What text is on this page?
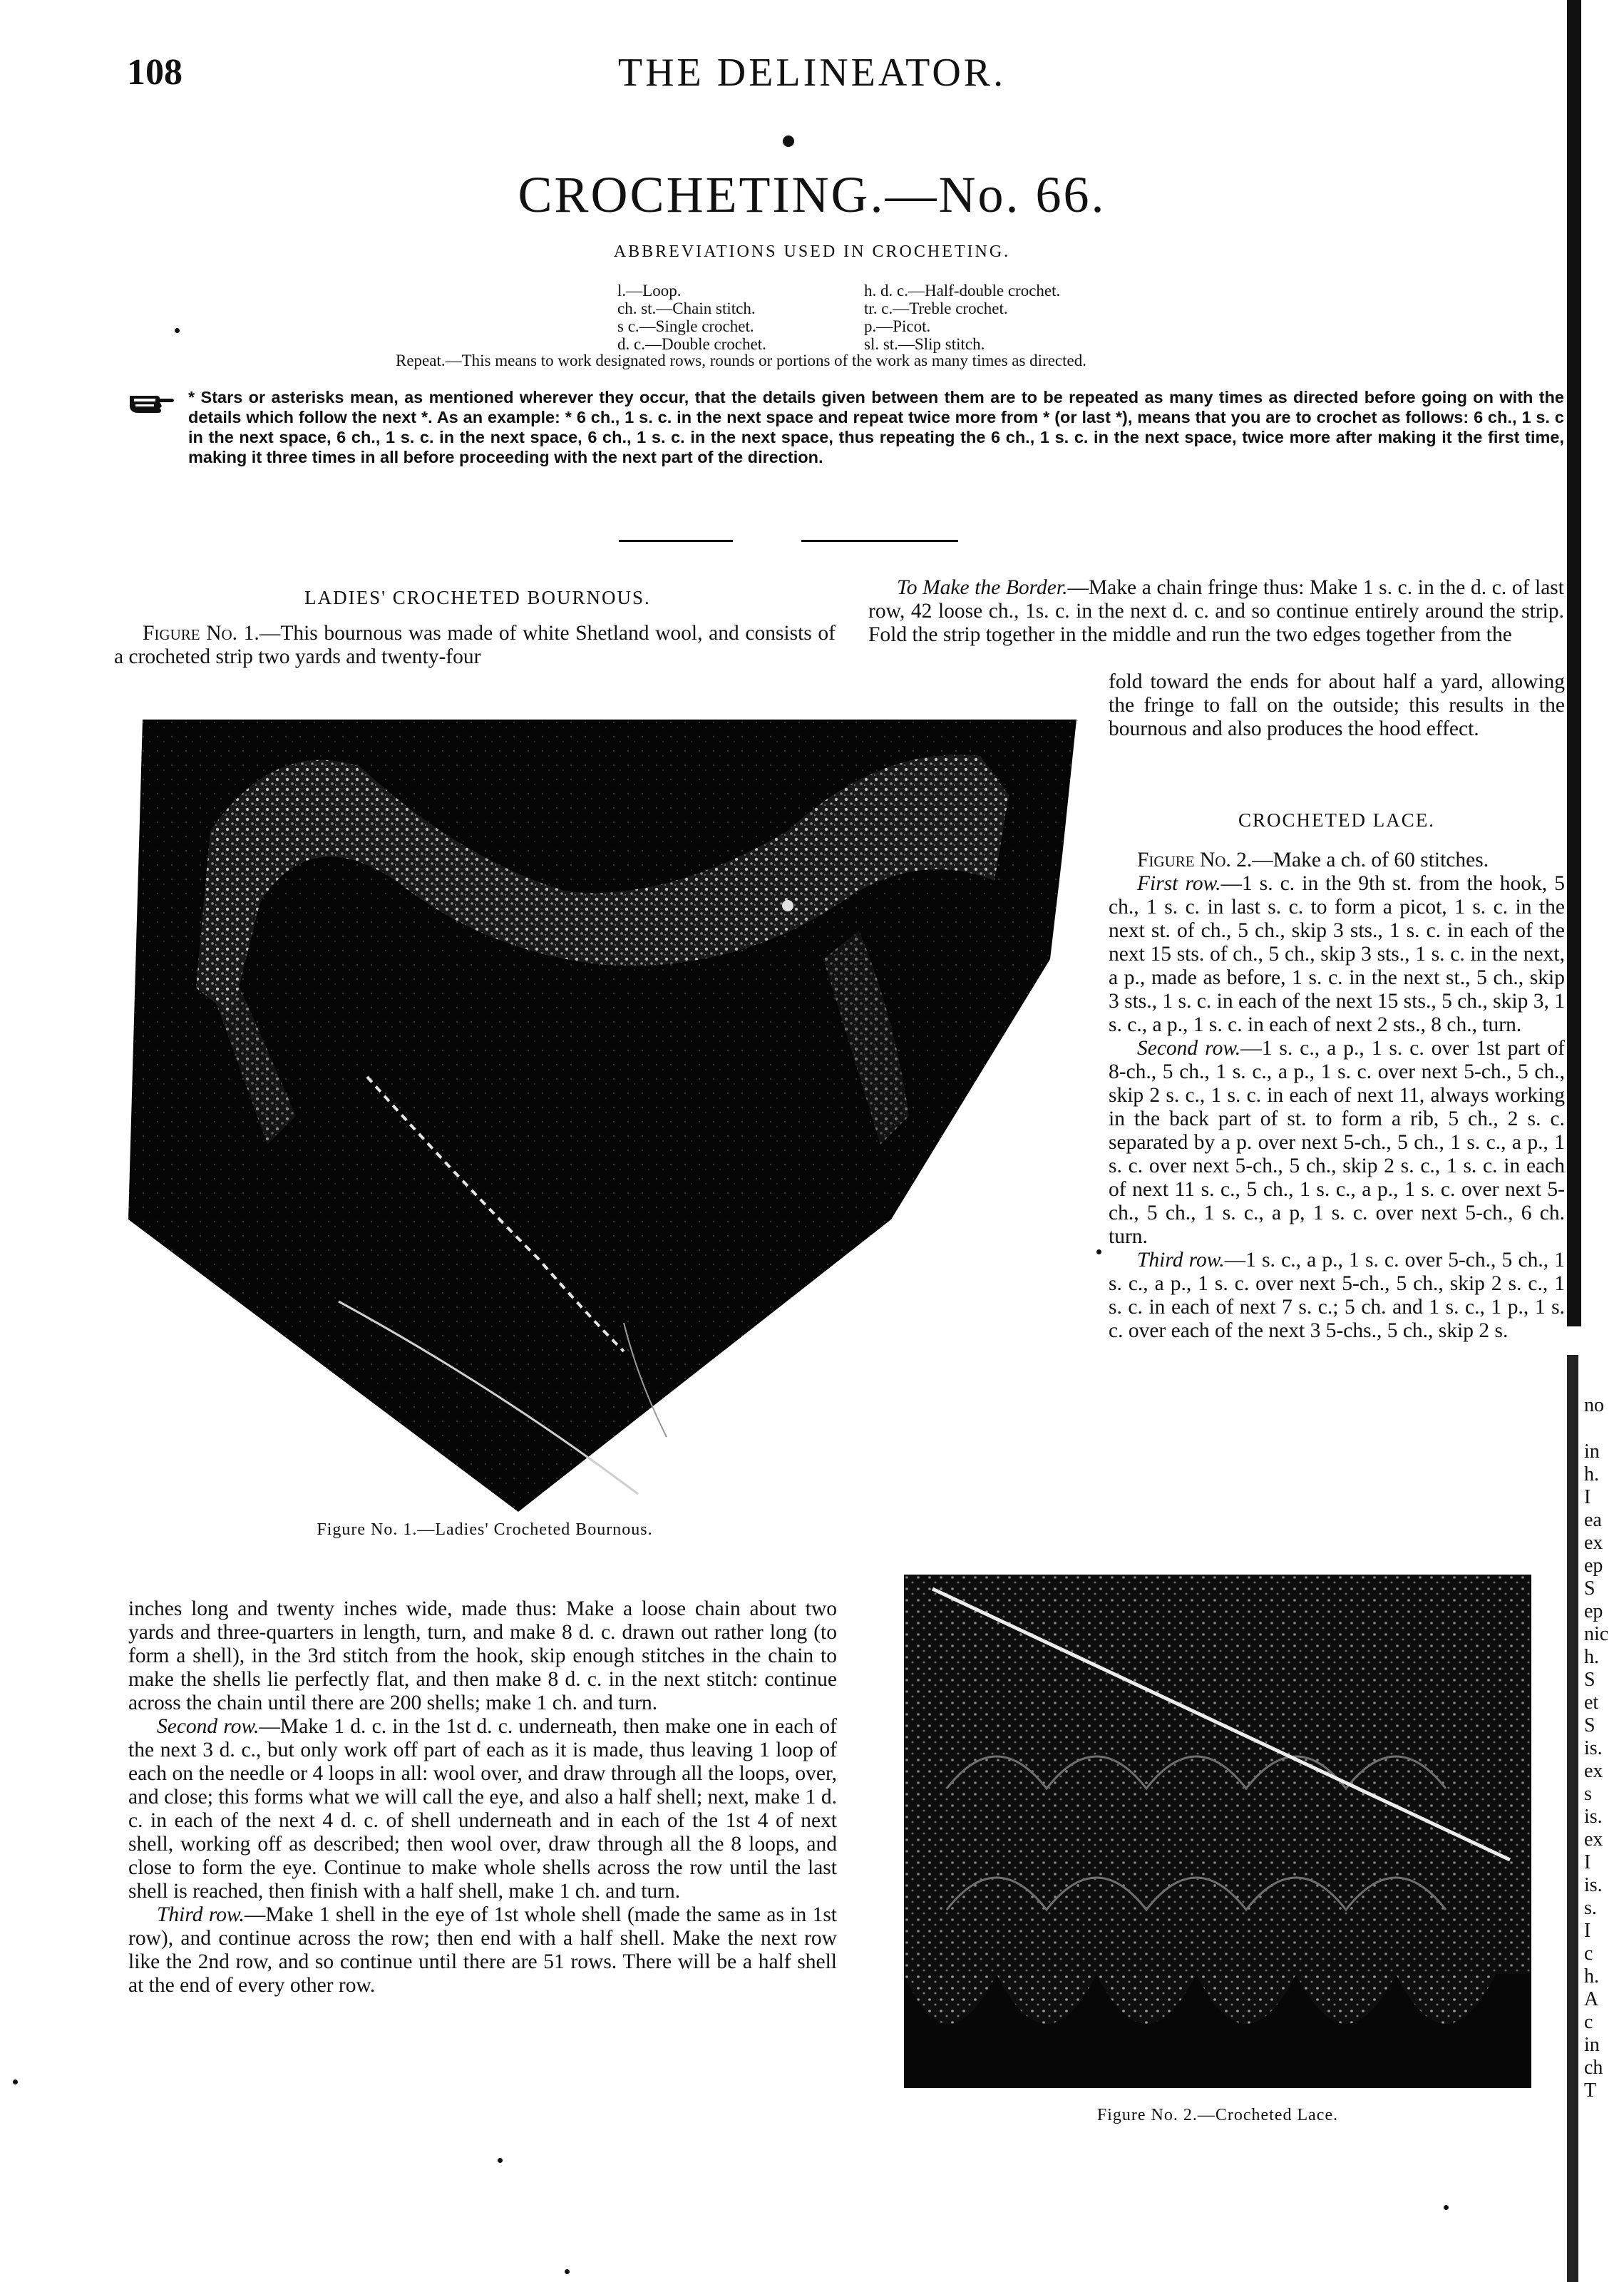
108	THE DELINEATOR.
CROCHETING.—No. 66.
ABBREVIATIONS USED IN CROCHETING.
l.—Loop.
ch. st.—Chain stitch.
s c.—Single crochet.
d. c.—Double crochet.
h. d. c.—Half-double crochet.
tr. c.—Treble crochet.
p.—Picot.
sl. st.—Slip stitch.
Repeat.—This means to work designated rows, rounds or portions of the work as many times as directed.
* Stars or asterisks mean, as mentioned wherever they occur, that the details given between them are to be repeated as many times as directed before going on with the details which follow the next *. As an example: * 6 ch., 1 s. c. in the next space and repeat twice more from * (or last *), means that you are to crochet as follows: 6 ch., 1 s. c in the next space, 6 ch., 1 s. c. in the next space, 6 ch., 1 s. c. in the next space, thus repeating the 6 ch., 1 s. c. in the next space, twice more after making it the first time, making it three times in all before proceeding with the next part of the direction.
LADIES' CROCHETED BOURNOUS.

Figure No. 1.—This bournous was made of white Shetland wool, and consists of a crocheted strip two yards and twenty-four

Figure No. 1.—Ladies' Crocheted Bournous.

inches long and twenty inches wide, made thus: Make a loose chain about two yards and three-quarters in length, turn, and make 8 d. c. drawn out rather long (to form a shell), in the 3rd stitch from the hook, skip enough stitches in the chain to make the shells lie perfectly flat, and then make 8 d. c. in the next stitch: continue across the chain until there are 200 shells; make 1 ch. and turn.

Second row.—Make 1 d. c. in the 1st d. c. underneath, then make one in each of the next 3 d. c., but only work off part of each as it is made, thus leaving 1 loop of each on the needle or 4 loops in all: wool over, and draw through all the loops, over, and close; this forms what we will call the eye, and also a half shell; next, make 1 d. c. in each of the next 4 d. c. of shell underneath and in each of the 1st 4 of next shell, working off as described; then wool over, draw through all the 8 loops, and close to form the eye. Continue to make whole shells across the row until the last shell is reached, then finish with a half shell, make 1 ch. and turn.

Third row.—Make 1 shell in the eye of 1st whole shell (made the same as in 1st row), and continue across the row; then end with a half shell. Make the next row like the 2nd row, and so continue until there are 51 rows. There will be a half shell at the end of every other row.

To Make the Border.—Make a chain fringe thus: Make 1 s. c. in the d. c. of last row, 42 loose ch., 1s. c. in the next d. c. and so continue entirely around the strip. Fold the strip together in the middle and run the two edges together from the

fold toward the ends for about half a yard, allowing the fringe to fall on the outside; this results in the bournous and also produces the hood effect.

CROCHETED LACE.

Figure No. 2.—Make a ch. of 60 stitches.

First row.—1 s. c. in the 9th st. from the hook, 5 ch., 1 s. c. in last s. c. to form a picot, 1 s. c. in the next st. of ch., 5 ch., skip 3 sts., 1 s. c. in each of the next 15 sts. of ch., 5 ch., skip 3 sts., 1 s. c. in the next, a p., made as before, 1 s. c. in the next st., 5 ch., skip 3 sts., 1 s. c. in each of the next 15 sts., 5 ch., skip 3, 1 s. c., a p., 1 s. c. in each of next 2 sts., 8 ch., turn.

Second row.—1 s. c., a p., 1 s. c. over 1st part of 8-ch., 5 ch., 1 s. c., a p., 1 s. c. over next 5-ch., 5 ch., skip 2 s. c., 1 s. c. in each of next 11, always working in the back part of st. to form a rib, 5 ch., 2 s. c. separated by a p. over next 5-ch., 5 ch., 1 s. c., a p., 1 s. c. over next 5-ch., 5 ch., skip 2 s. c., 1 s. c. in each of next 11 s. c., 5 ch., 1 s. c., a p., 1 s. c. over next 5-ch., 5 ch., 1 s. c., a p, 1 s. c. over next 5-ch., 6 ch. turn.

Third row.—1 s. c., a p., 1 s. c. over 5-ch., 5 ch., 1 s. c., a p., 1 s. c. over next 5-ch., 5 ch., skip 2 s. c., 1 s. c. in each of next 7 s. c.; 5 ch. and 1 s. c., 1 p., 1 s. c. over each of the next 3 5-chs., 5 ch., skip 2 s.

Figure No. 2.—Crocheted Lace.
no
in
h.
I
ea
ex
ep
S
ep
nic
h.
S
et
S
is.
ex
s
is.
ex
I
is.
s.
I
c
h.
A
c
in
ch
T
